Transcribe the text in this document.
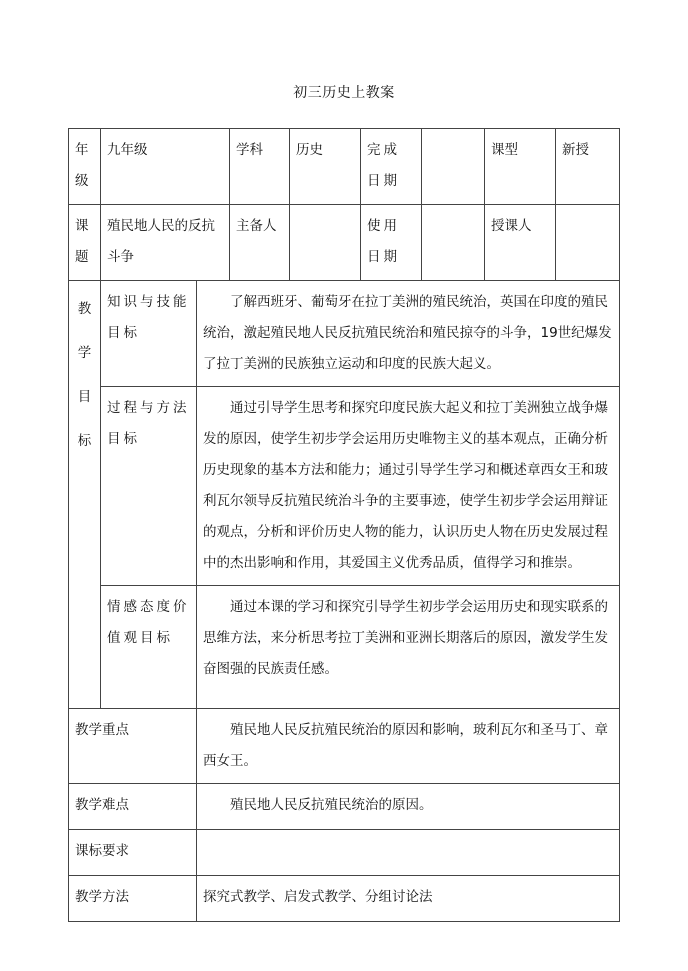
初三历史上教案
年级	九年级		学科	历史	完成日期		课型	新授
课题	殖民地人民的反抗斗争		主备人		使用日期		授课人	
教
学
目
标	知识与技能目标	了解西班牙、葡萄牙在拉丁美洲的殖民统治，英国在印度的殖民统治，激起殖民地人民反抗殖民统治和殖民掠夺的斗争，19世纪爆发了拉丁美洲的民族独立运动和印度的民族大起义。						
	过程与方法目标	通过引导学生思考和探究印度民族大起义和拉丁美洲独立战争爆发的原因，使学生初步学会运用历史唯物主义的基本观点，正确分析历史现象的基本方法和能力；通过引导学生学习和概述章西女王和玻利瓦尔领导反抗殖民统治斗争的主要事迹，使学生初步学会运用辩证的观点，分析和评价历史人物的能力，认识历史人物在历史发展过程中的杰出影响和作用，其爱国主义优秀品质，值得学习和推崇。						
	情感态度价值观目标	通过本课的学习和探究引导学生初步学会运用历史和现实联系的思维方法，来分析思考拉丁美洲和亚洲长期落后的原因，激发学生发奋图强的民族责任感。						
教学重点		殖民地人民反抗殖民统治的原因和影响，玻利瓦尔和圣马丁、章西女王。						
教学难点		殖民地人民反抗殖民统治的原因。						
课标要求								
教学方法		探究式教学、启发式教学、分组讨论法						
